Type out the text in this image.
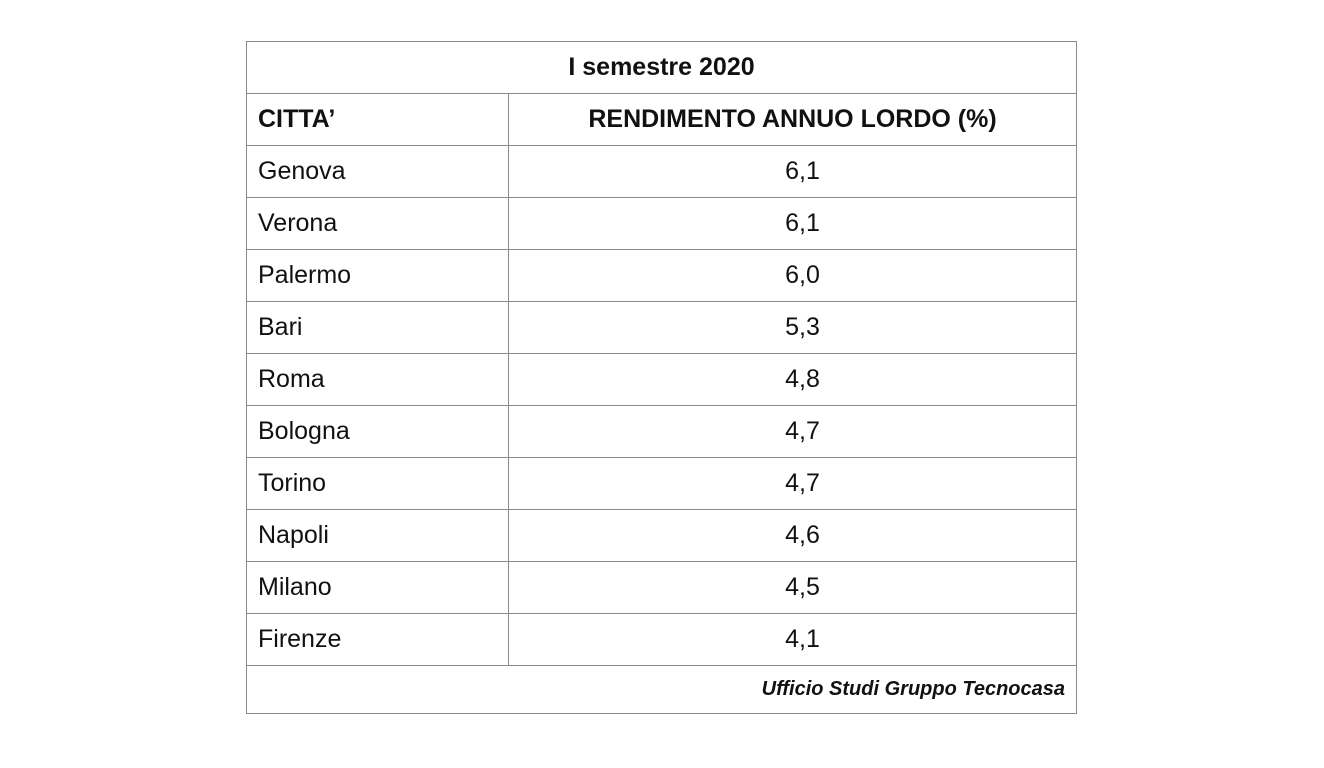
I semestre 2020	
CITTA’	RENDIMENTO ANNUO LORDO (%)
Genova	6,1
Verona	6,1
Palermo	6,0
Bari	5,3
Roma	4,8
Bologna	4,7
Torino	4,7
Napoli	4,6
Milano	4,5
Firenze	4,1
Ufficio Studi Gruppo Tecnocasa	
